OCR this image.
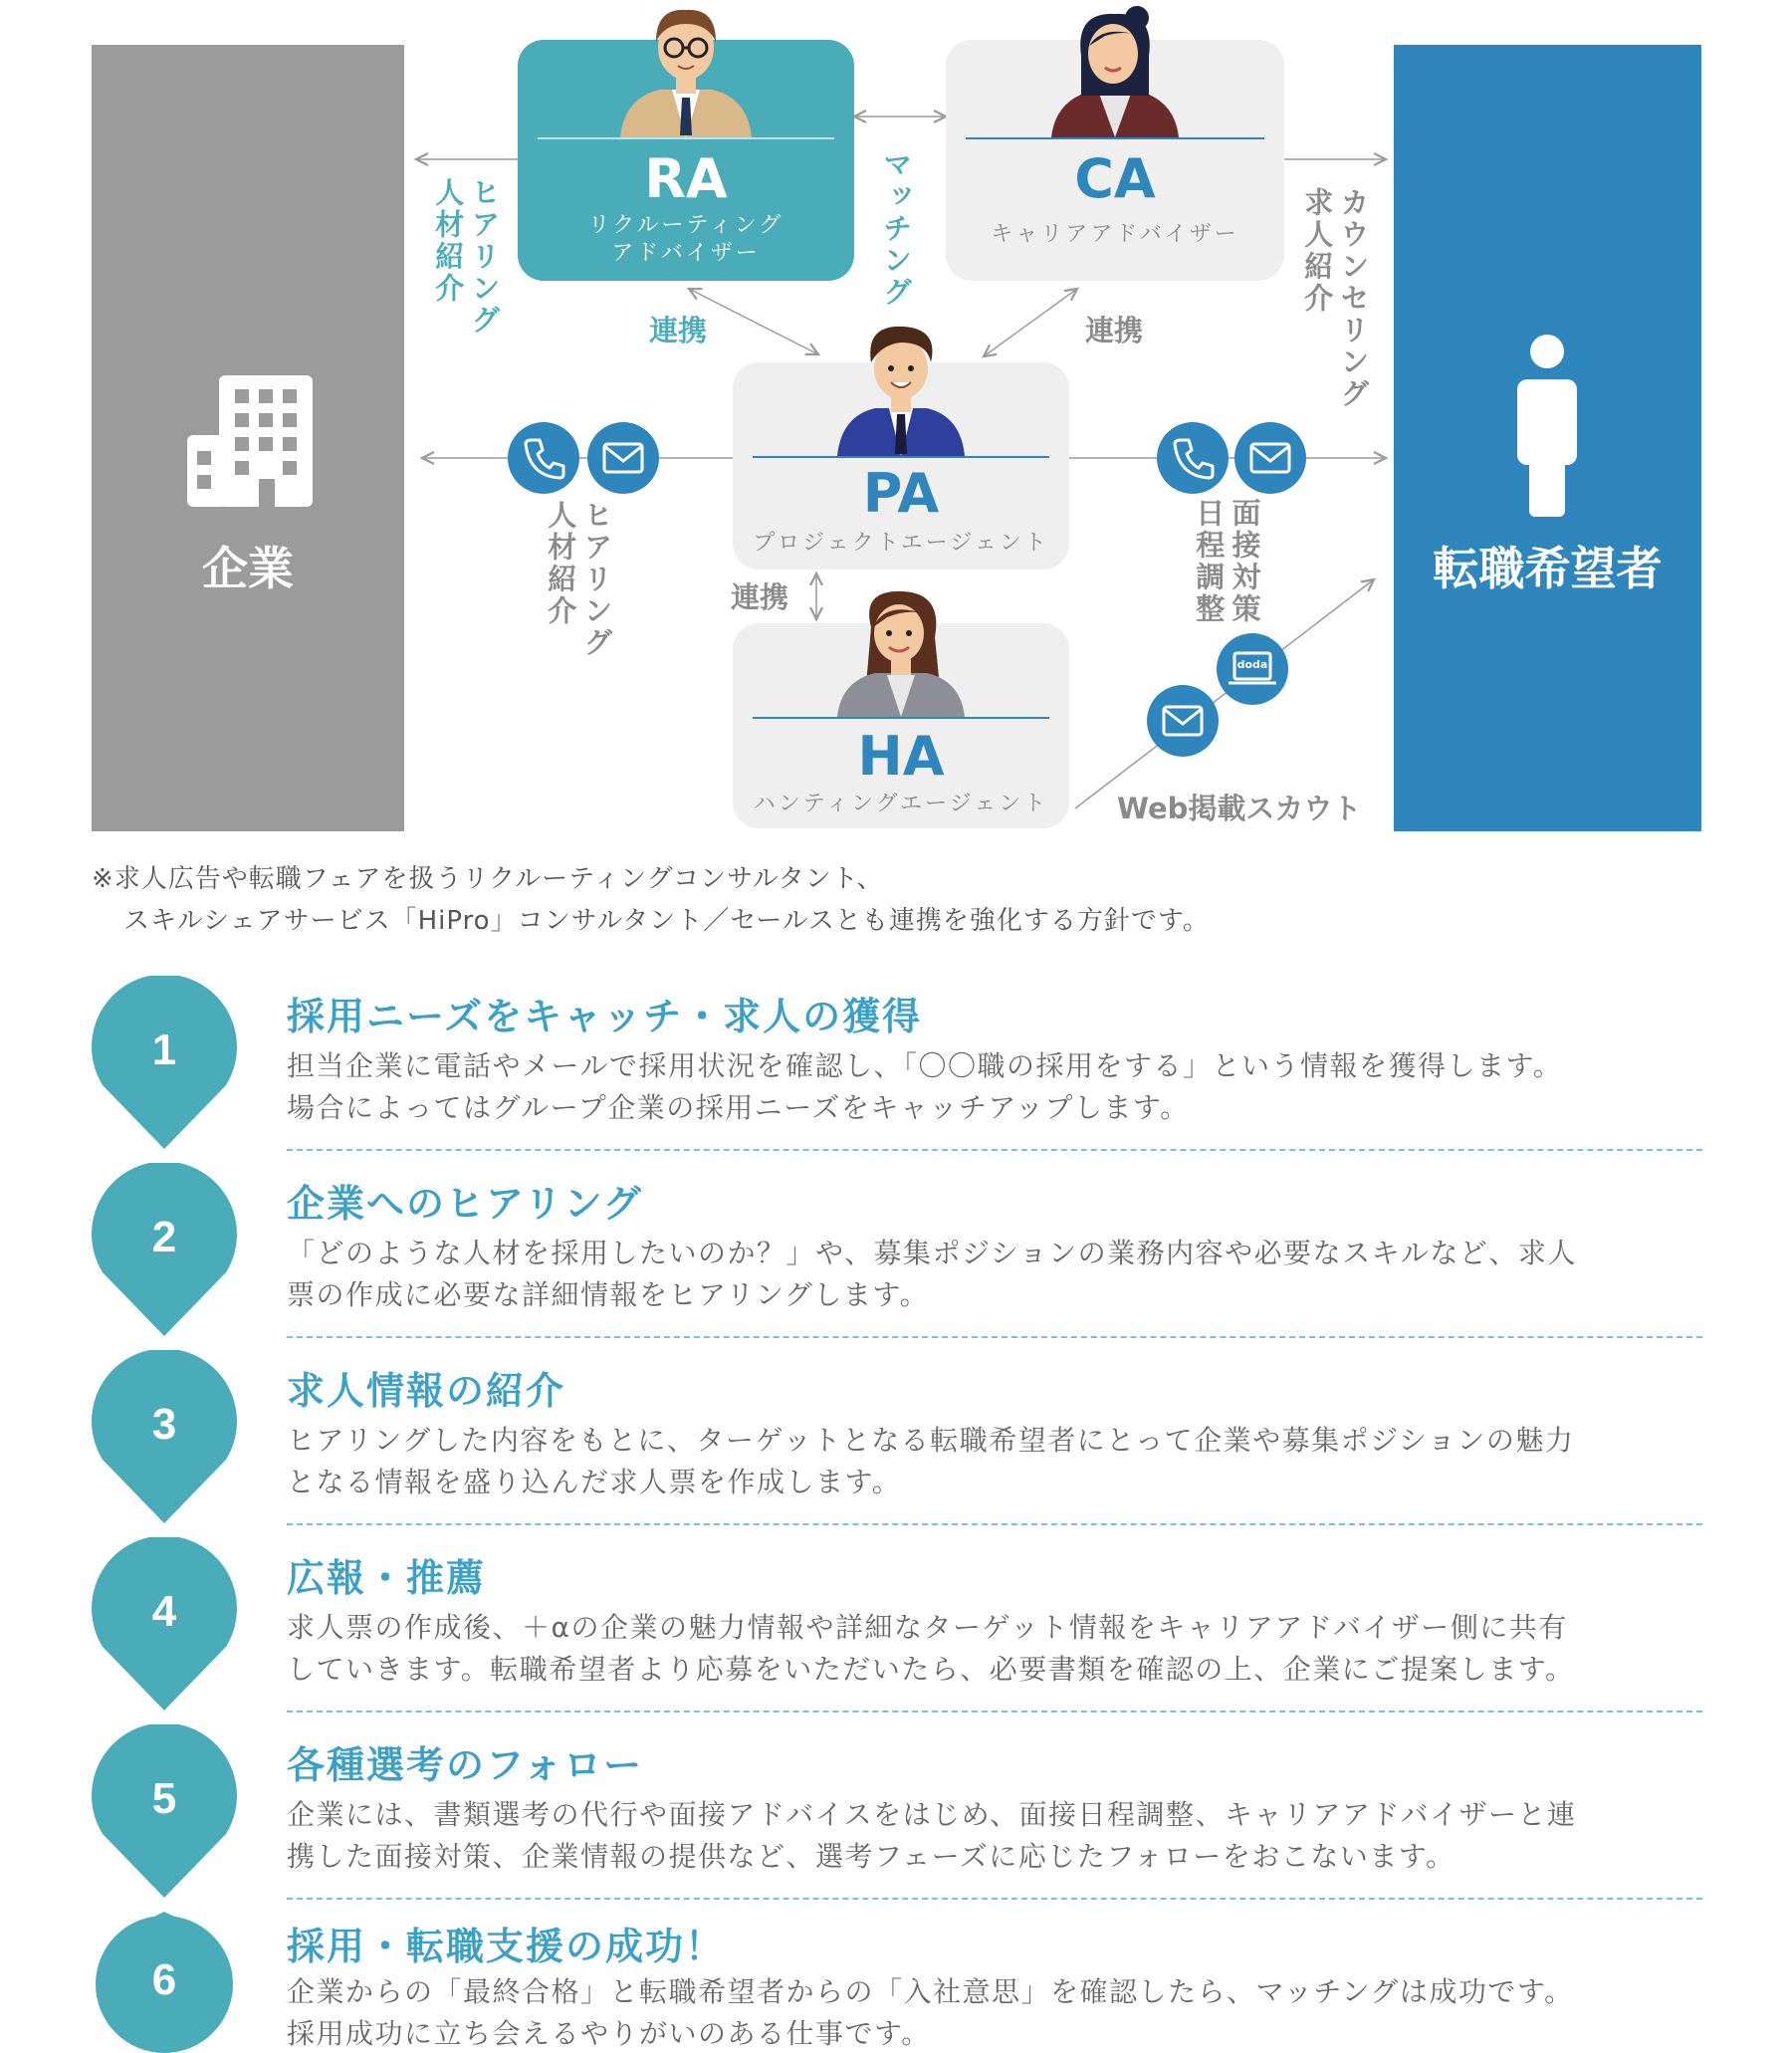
企業	転職希望者
RA
リクルーティング
アドバイザー
CA
キャリアアドバイザー
PA
プロジェクトエージェント
HA
ハンティングエージェント
ヒアリング人材紹介	マッチング	カウンセリング求人紹介
連携	連携
連携
ヒアリング人材紹介	面接対策日程調整
Web掲載スカウト
doda
※求人広告や転職フェアを扱うリクルーティングコンサルタント、
スキルシェアサービス「HiPro」コンサルタント／セールスとも連携を強化する方針です。
1
採用ニーズをキャッチ・求人の獲得
担当企業に電話やメールで採用状況を確認し、「〇〇職の採用をする」という情報を獲得します。
場合によってはグループ企業の採用ニーズをキャッチアップします。
2
企業へのヒアリング
「どのような人材を採用したいのか？」や、募集ポジションの業務内容や必要なスキルなど、求人
票の作成に必要な詳細情報をヒアリングします。
3
求人情報の紹介
ヒアリングした内容をもとに、ターゲットとなる転職希望者にとって企業や募集ポジションの魅力
となる情報を盛り込んだ求人票を作成します。
4
広報・推薦
求人票の作成後、＋αの企業の魅力情報や詳細なターゲット情報をキャリアアドバイザー側に共有
していきます。転職希望者より応募をいただいたら、必要書類を確認の上、企業にご提案します。
5
各種選考のフォロー
企業には、書類選考の代行や面接アドバイスをはじめ、面接日程調整、キャリアアドバイザーと連
携した面接対策、企業情報の提供など、選考フェーズに応じたフォローをおこないます。
6
採用・転職支援の成功！
企業からの「最終合格」と転職希望者からの「入社意思」を確認したら、マッチングは成功です。
採用成功に立ち会えるやりがいのある仕事です。
